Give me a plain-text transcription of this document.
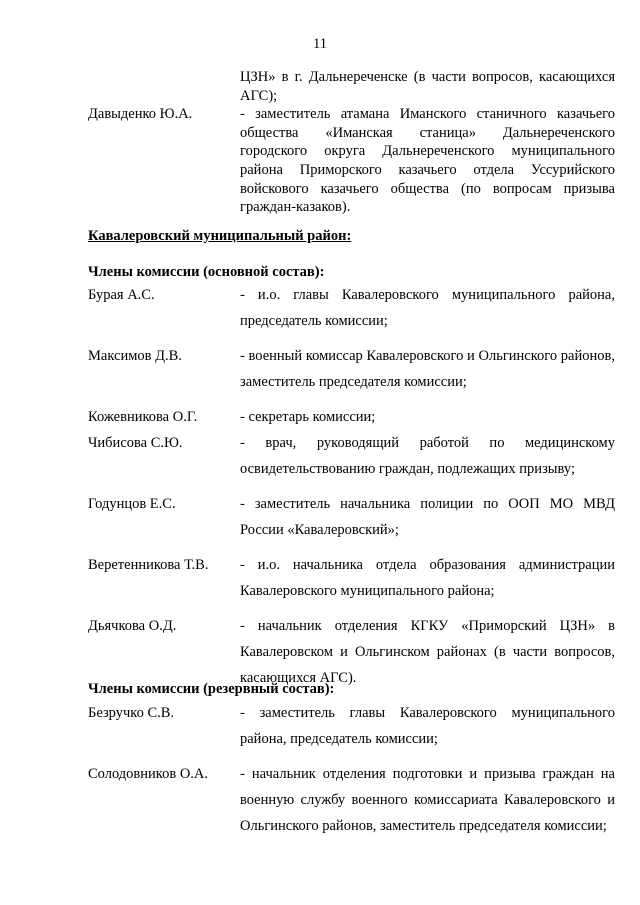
11
ЦЗН» в г. Дальнереченске (в части вопросов, касающихся АГС);
Давыденко Ю.А.	- заместитель атамана Иманского станичного казачьего общества «Иманская станица» Дальнереченского городского округа Дальнереченского муниципального района Приморского казачьего отдела Уссурийского войскового казачьего общества (по вопросам призыва граждан-казаков).
Кавалеровский муниципальный район:
Члены комиссии (основной состав):
Бурая А.С.	- и.о. главы Кавалеровского муниципального района, председатель комиссии;
Максимов Д.В.	- военный комиссар Кавалеровского и Ольгинского районов, заместитель председателя комиссии;
Кожевникова О.Г.	- секретарь комиссии;
Чибисова С.Ю.	- врач, руководящий работой по медицинскому освидетельствованию граждан, подлежащих призыву;
Годунцов Е.С.	- заместитель начальника полиции по ООП МО МВД России «Кавалеровский»;
Веретенникова Т.В.	- и.о. начальника отдела образования администрации Кавалеровского муниципального района;
Дьячкова О.Д.	- начальник отделения КГКУ «Приморский ЦЗН» в Кавалеровском и Ольгинском районах (в части вопросов, касающихся АГС).
Члены комиссии (резервный состав):
Безручко С.В.	- заместитель главы Кавалеровского муниципального района, председатель комиссии;
Солодовников О.А.	- начальник отделения подготовки и призыва граждан на военную службу военного комиссариата Кавалеровского и Ольгинского районов, заместитель председателя комиссии;
